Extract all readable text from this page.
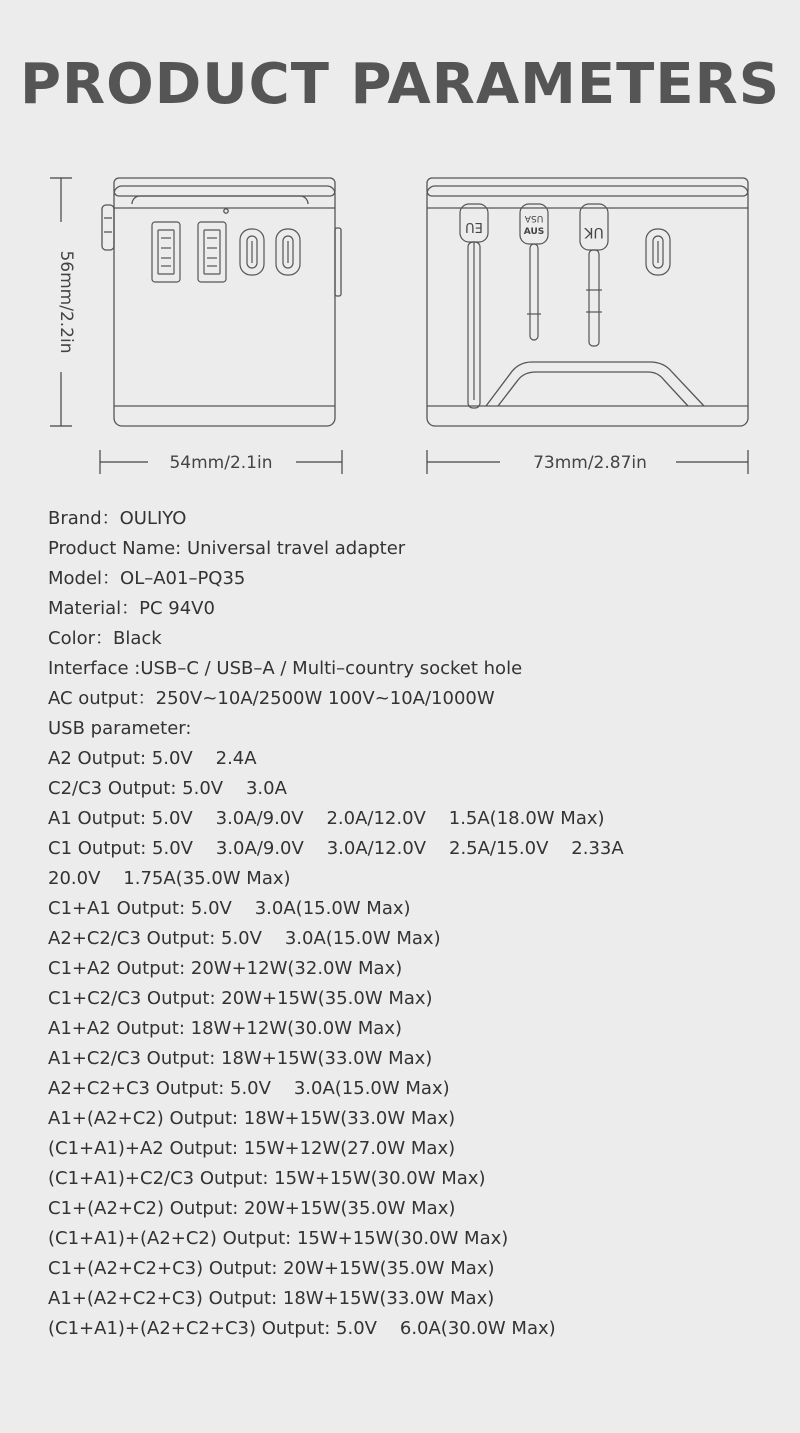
PRODUCT PARAMETERS
56mm/2.2in
54mm/2.1in
EU
USA
AUS	UK
73mm/2.87in
Brand：OULIYO
Product Name: Universal travel adapter
Model：OL–A01–PQ35
Material：PC 94V0
Color：Black
Interface :USB–C / USB–A / Multi–country socket hole
AC output：250V~10A/2500W 100V~10A/1000W
USB parameter:
A2 Output: 5.0V    2.4A
C2/C3 Output: 5.0V    3.0A
A1 Output: 5.0V    3.0A/9.0V    2.0A/12.0V    1.5A(18.0W Max)
C1 Output: 5.0V    3.0A/9.0V    3.0A/12.0V    2.5A/15.0V    2.33A
20.0V    1.75A(35.0W Max)
C1+A1 Output: 5.0V    3.0A(15.0W Max)
A2+C2/C3 Output: 5.0V    3.0A(15.0W Max)
C1+A2 Output: 20W+12W(32.0W Max)
C1+C2/C3 Output: 20W+15W(35.0W Max)
A1+A2 Output: 18W+12W(30.0W Max)
A1+C2/C3 Output: 18W+15W(33.0W Max)
A2+C2+C3 Output: 5.0V    3.0A(15.0W Max)
A1+(A2+C2) Output: 18W+15W(33.0W Max)
(C1+A1)+A2 Output: 15W+12W(27.0W Max)
(C1+A1)+C2/C3 Output: 15W+15W(30.0W Max)
C1+(A2+C2) Output: 20W+15W(35.0W Max)
(C1+A1)+(A2+C2) Output: 15W+15W(30.0W Max)
C1+(A2+C2+C3) Output: 20W+15W(35.0W Max)
A1+(A2+C2+C3) Output: 18W+15W(33.0W Max)
(C1+A1)+(A2+C2+C3) Output: 5.0V    6.0A(30.0W Max)
